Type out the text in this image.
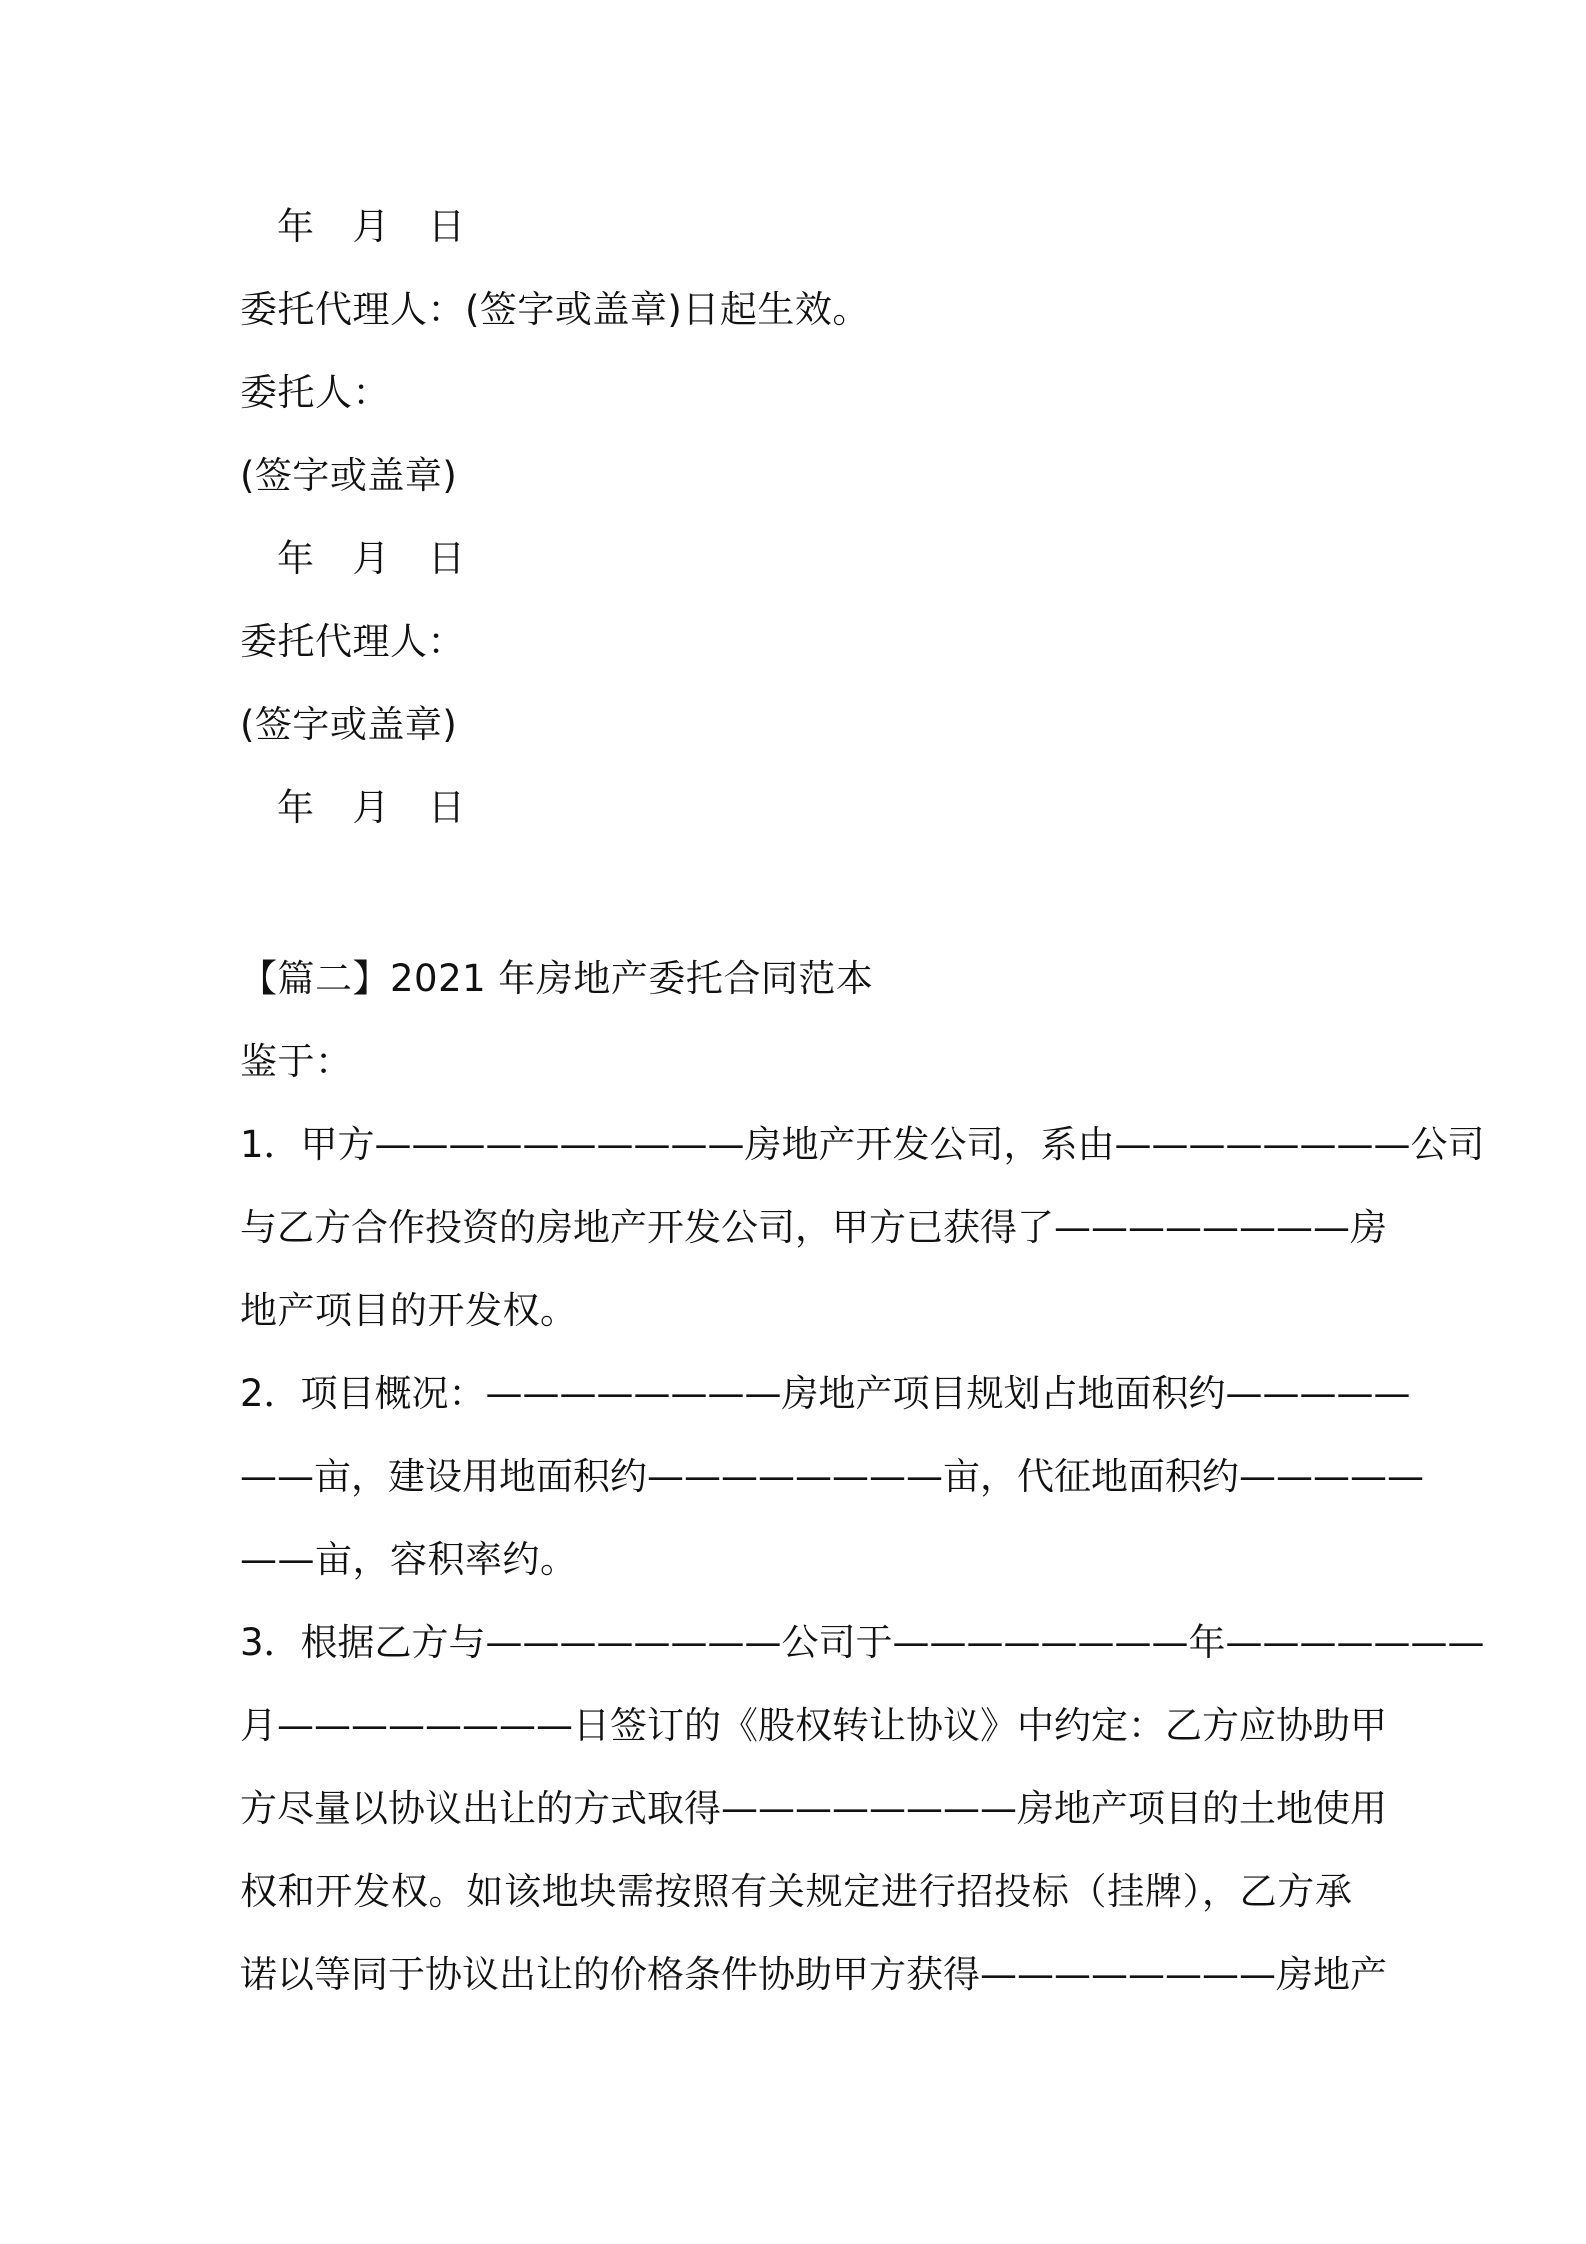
年 月 日
委托代理人：(签字或盖章)日起生效。
委托人：
(签字或盖章)
年 月 日
委托代理人：
(签字或盖章)
年 月 日
【篇二】2021 年房地产委托合同范本
鉴于：
1．甲方——————————房地产开发公司，系由————————公司
与乙方合作投资的房地产开发公司，甲方已获得了————————房
地产项目的开发权。
2．项目概况：————————房地产项目规划占地面积约—————
——亩，建设用地面积约————————亩，代征地面积约—————
——亩，容积率约。
3．根据乙方与————————公司于————————年———————
月————————日签订的《股权转让协议》中约定：乙方应协助甲
方尽量以协议出让的方式取得————————房地产项目的土地使用
权和开发权。如该地块需按照有关规定进行招投标（挂牌），乙方承
诺以等同于协议出让的价格条件协助甲方获得————————房地产
